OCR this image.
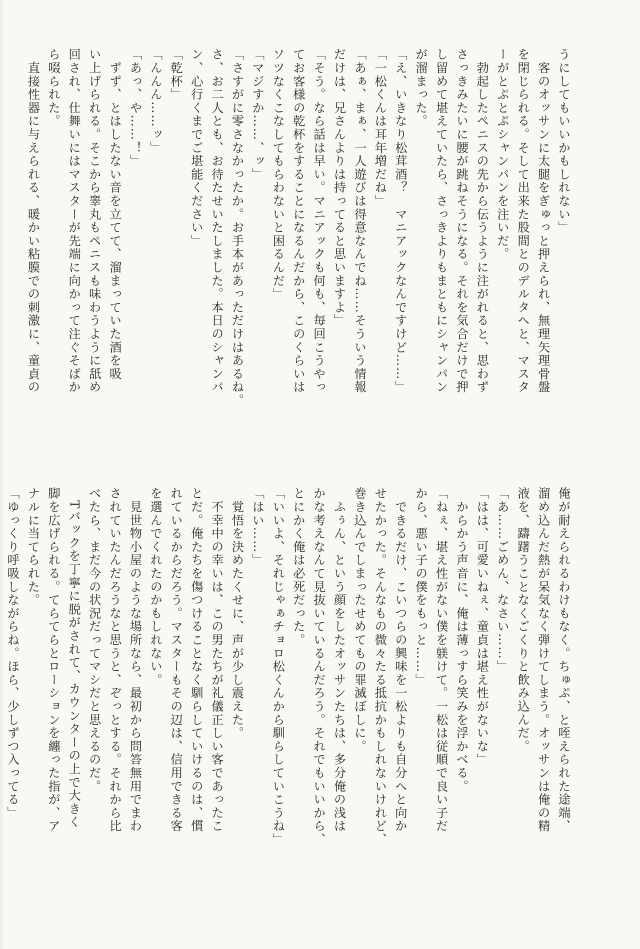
うにしてもいいかもしれない」
　客のオッサンに太腿をぎゅっと押えられ、無理矢理骨盤
を閉じられる。そして出来た股間とのデルタへと、マスタ
ーがとぷとぷシャンパンを注いだ。
　勃起したペニスの先から伝うように注がれると、思わず
さっきみたいに腰が跳ねそうになる。それを気合だけで押
し留めて堪えていたら、さっきよりもまともにシャンパン
が溜まった。
「え、いきなり松茸酒？　マニアックなんですけど……」
「一松くんは耳年増だね」
「あぁ、まぁ、一人遊びは得意なんでね……そういう情報
だけは、兄さんよりは持ってると思いますよ」
「そう。なら話は早い。マニアックも何も、毎回こうやっ
てお客様の乾杯をすることになるんだから、このくらいは
ソツなくこなしてもらわないと困るんだ」
「マジすか……、ッ」
「さすがに零さなかったか。お手本があっただけはあるね。
さ、お二人とも、お待たせいたしました。本日のシャンパ
ン、心行くまでご堪能ください」
「乾杯」
「んんん……ッ」
「あっ、や……！」
　ずず、とはしたない音を立てて、溜まっていた酒を吸
い上げられる。そこから睾丸もペニスも味わうように舐め
回され、仕舞いにはマスターが先端に向かって注ぐそばか
ら啜られた。
　直接性器に与えられる、暖かい粘膜での刺激に、童貞の
俺が耐えられるわけもなく。ちゅぷ、と咥えられた途端、
溜め込んだ熱が呆気なく弾けてしまう。オッサンは俺の精
液を、躊躇うことなくごくりと飲み込んだ。
「あ……ごめん、なさい……」
「はは、可愛いねぇ、童貞は堪え性がないな」
　からかう声音に、俺は薄っすら笑みを浮かべる。
「ねぇ、堪え性がない僕を躾けて。一松は従順で良い子だ
から、悪い子の僕をもっと……」
　できるだけ、こいつらの興味を一松よりも自分へと向か
せたかった。そんなもの微々たる抵抗かもしれないけれど、
巻き込んでしまったせめてもの罪滅ぼしに。
　ふぅん、という顔をしたオッサンたちは、多分俺の浅は
かな考えなんて見抜いているんだろう。それでもいいから、
とにかく俺は必死だった。
「いいよ、それじゃぁチョロ松くんから馴らしていこうね」
「はい……」
　覚悟を決めたくせに、声が少し震えた。
　不幸中の幸いは、この男たちが礼儀正しい客であったこ
とだ。俺たちを傷つけることなく馴らしていけるのは、慣
れているからだろう。マスターもその辺は、信用できる客
を選んでくれたのかもしれない。
　見世物小屋のような場所なら、最初から問答無用でまわ
されていたんだろうなと思うと、ぞっとする。それから比
べたら、まだ今の状況だってマシだと思えるのだ。
　Tバックを丁寧に脱がされて、カウンターの上で大きく
脚を広げられる。てらてらとローションを纏った指が、ア
ナルに当てられた。
「ゆっくり呼吸しながらね。ほら、少しずつ入ってる」
